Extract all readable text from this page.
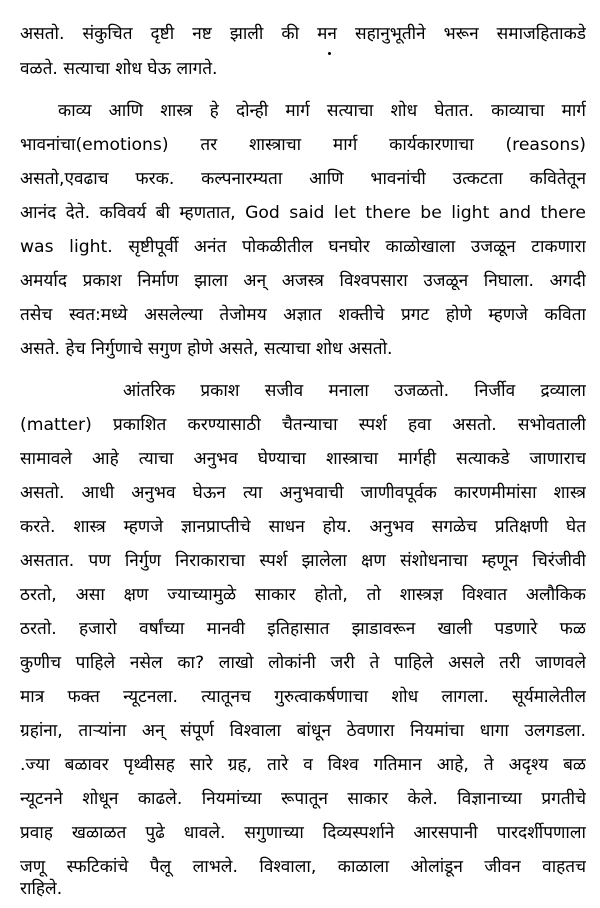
असतो. संकुचित दृष्टी नष्ट झाली की मन सहानुभूतीने भरून समाजहिताकडे
वळते. सत्याचा शोध घेऊ लागते.
काव्य आणि शास्त्र हे दोन्ही मार्ग सत्याचा शोध घेतात. काव्याचा मार्ग
भावनांचा(emotions) तर शास्त्राचा मार्ग कार्यकारणाचा (reasons)
असतो,एवढाच फरक. कल्पनारम्यता आणि भावनांची उत्कटता कवितेतून
आनंद देते. कविवर्य बी म्हणतात, God said let there be light and there
was light. सृष्टीपूर्वी अनंत पोकळीतील घनघोर काळोखाला उजळून टाकणारा
अमर्याद प्रकाश निर्माण झाला अन् अजस्त्र विश्वपसारा उजळून निघाला. अगदी
तसेच स्वत:मध्ये असलेल्या तेजोमय अज्ञात शक्तीचे प्रगट होणे म्हणजे कविता
असते. हेच निर्गुणाचे सगुण होणे असते, सत्याचा शोध असतो.
आंतरिक प्रकाश सजीव मनाला उजळतो. निर्जीव द्रव्याला
(matter) प्रकाशित करण्यासाठी चैतन्याचा स्पर्श हवा असतो. सभोवताली
सामावले आहे त्याचा अनुभव घेण्याचा शास्त्राचा मार्गही सत्याकडे जाणाराच
असतो. आधी अनुभव घेऊन त्या अनुभवाची जाणीवपूर्वक कारणमीमांसा शास्त्र
करते. शास्त्र म्हणजे ज्ञानप्राप्तीचे साधन होय. अनुभव सगळेच प्रतिक्षणी घेत
असतात. पण निर्गुण निराकाराचा स्पर्श झालेला क्षण संशोधनाचा म्हणून चिरंजीवी
ठरतो, असा क्षण ज्याच्यामुळे साकार होतो, तो शास्त्रज्ञ विश्वात अलौकिक
ठरतो. हजारो वर्षांच्या मानवी इतिहासात झाडावरून खाली पडणारे फळ
कुणीच पाहिले नसेल का? लाखो लोकांनी जरी ते पाहिले असले तरी जाणवले
मात्र फक्त न्यूटनला. त्यातूनच गुरुत्वाकर्षणाचा शोध लागला. सूर्यमालेतील
ग्रहांना, ताऱ्यांना अन् संपूर्ण विश्वाला बांधून ठेवणारा नियमांचा धागा उलगडला.
.ज्या बळावर पृथ्वीसह सारे ग्रह, तारे व विश्व गतिमान आहे, ते अदृश्य बळ
न्यूटनने शोधून काढले. नियमांच्या रूपातून साकार केले. विज्ञानाच्या प्रगतीचे
प्रवाह खळाळत पुढे धावले. सगुणाच्या दिव्यस्पर्शाने आरसपानी पारदर्शीपणाला
जणू स्फटिकांचे पैलू लाभले. विश्वाला, काळाला ओलांडून जीवन वाहतच
राहिले.
